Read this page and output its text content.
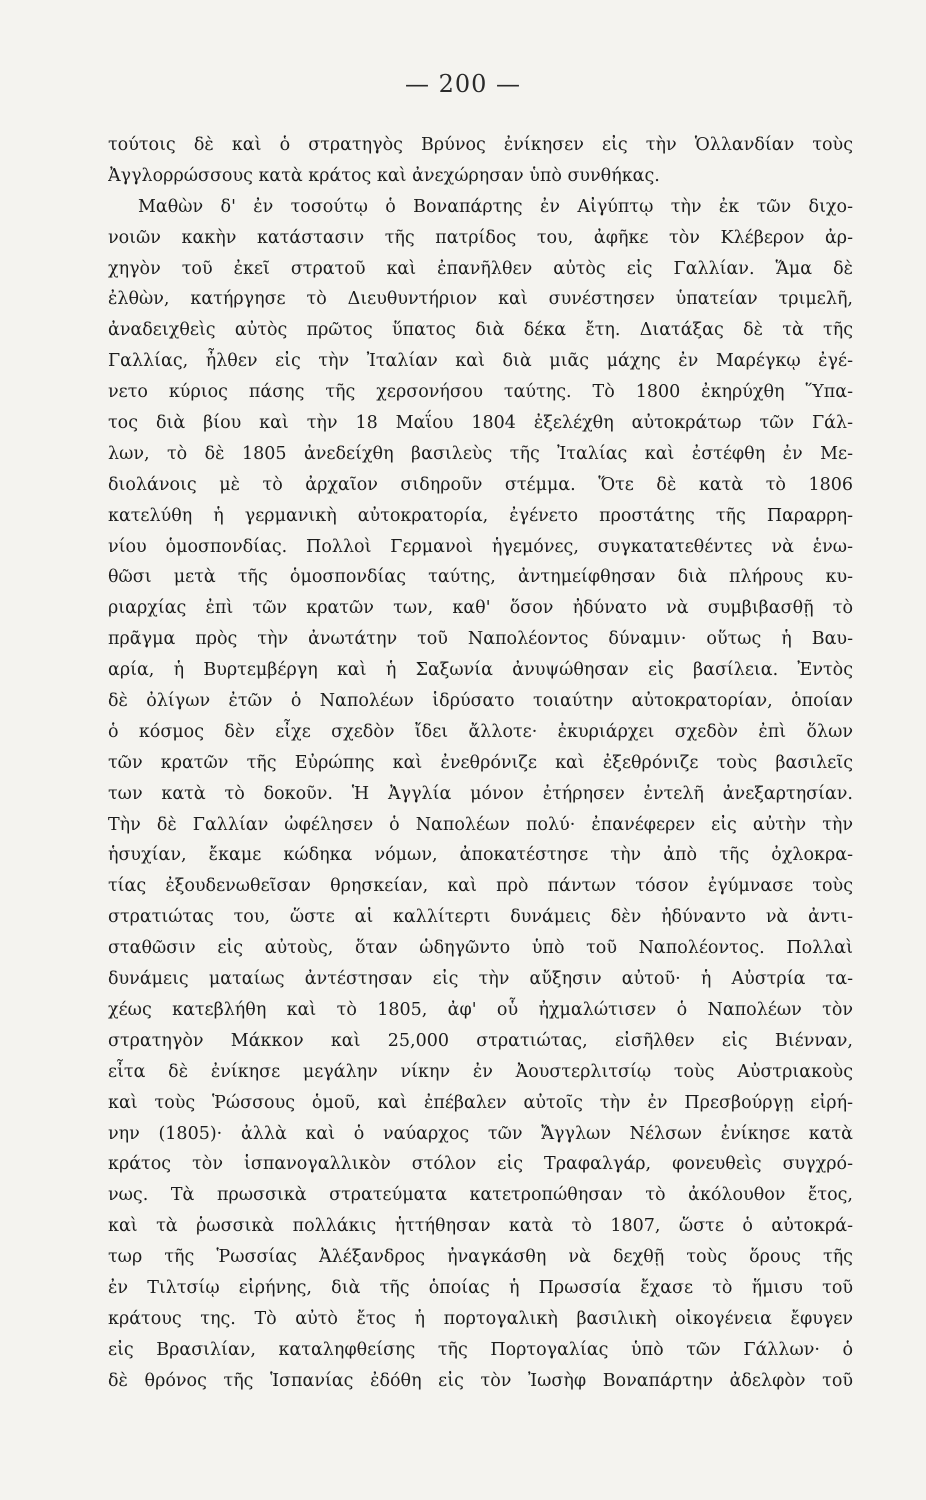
— 200 —
τούτοις δὲ καὶ ὁ στρατηγὸς Βρύνος ἐνίκησεν εἰς τὴν Ὁλλανδίαν τοὺς
Ἀγγλορρώσσους κατὰ κράτος καὶ ἀνεχώρησαν ὑπὸ συνθήκας.
Μαθὼν δ' ἐν τοσούτῳ ὁ Βοναπάρτης ἐν Αἰγύπτῳ τὴν ἐκ τῶν διχο-
νοιῶν κακὴν κατάστασιν τῆς πατρίδος του, ἀφῆκε τὸν Κλέβερον ἀρ-
χηγὸν τοῦ ἐκεῖ στρατοῦ καὶ ἐπανῆλθεν αὐτὸς εἰς Γαλλίαν. Ἅμα δὲ
ἐλθὼν, κατήργησε τὸ Διευθυντήριον καὶ συνέστησεν ὑπατείαν τριμελῆ,
ἀναδειχθεὶς αὐτὸς πρῶτος ὕπατος διὰ δέκα ἔτη. Διατάξας δὲ τὰ τῆς
Γαλλίας, ἦλθεν εἰς τὴν Ἰταλίαν καὶ διὰ μιᾶς μάχης ἐν Μαρέγκῳ ἐγέ-
νετο κύριος πάσης τῆς χερσονήσου ταύτης. Τὸ 1800 ἐκηρύχθη Ὕπα-
τος διὰ βίου καὶ τὴν 18 Μαΐου 1804 ἐξελέχθη αὐτοκράτωρ τῶν Γάλ-
λων, τὸ δὲ 1805 ἀνεδείχθη βασιλεὺς τῆς Ἰταλίας καὶ ἐστέφθη ἐν Με-
διολάνοις μὲ τὸ ἀρχαῖον σιδηροῦν στέμμα. Ὅτε δὲ κατὰ τὸ 1806
κατελύθη ἡ γερμανικὴ αὐτοκρατορία, ἐγένετο προστάτης τῆς Παραρρη-
νίου ὁμοσπονδίας. Πολλοὶ Γερμανοὶ ἡγεμόνες, συγκατατεθέντες νὰ ἑνω-
θῶσι μετὰ τῆς ὁμοσπονδίας ταύτης, ἀντημείφθησαν διὰ πλήρους κυ-
ριαρχίας ἐπὶ τῶν κρατῶν των, καθ' ὅσον ἠδύνατο νὰ συμβιβασθῇ τὸ
πρᾶγμα πρὸς τὴν ἀνωτάτην τοῦ Ναπολέοντος δύναμιν· οὕτως ἡ Βαυ-
αρία, ἡ Βυρτεμβέργη καὶ ἡ Σαξωνία ἀνυψώθησαν εἰς βασίλεια. Ἐντὸς
δὲ ὀλίγων ἐτῶν ὁ Ναπολέων ἱδρύσατο τοιαύτην αὐτοκρατορίαν, ὁποίαν
ὁ κόσμος δὲν εἶχε σχεδὸν ἴδει ἄλλοτε· ἐκυριάρχει σχεδὸν ἐπὶ ὅλων
τῶν κρατῶν τῆς Εὐρώπης καὶ ἐνεθρόνιζε καὶ ἐξεθρόνιζε τοὺς βασιλεῖς
των κατὰ τὸ δοκοῦν. Ἡ Ἀγγλία μόνον ἐτήρησεν ἐντελῆ ἀνεξαρτησίαν.
Τὴν δὲ Γαλλίαν ὠφέλησεν ὁ Ναπολέων πολύ· ἐπανέφερεν εἰς αὐτὴν τὴν
ἡσυχίαν, ἔκαμε κώδηκα νόμων, ἀποκατέστησε τὴν ἀπὸ τῆς ὀχλοκρα-
τίας ἐξουδενωθεῖσαν θρησκείαν, καὶ πρὸ πάντων τόσον ἐγύμνασε τοὺς
στρατιώτας του, ὥστε αἱ καλλίτερτι δυνάμεις δὲν ἠδύναντο νὰ ἀντι-
σταθῶσιν εἰς αὐτοὺς, ὅταν ὡδηγῶντο ὑπὸ τοῦ Ναπολέοντος. Πολλαὶ
δυνάμεις ματαίως ἀντέστησαν εἰς τὴν αὔξησιν αὐτοῦ· ἡ Αὐστρία τα-
χέως κατεβλήθη καὶ τὸ 1805, ἀφ' οὗ ἠχμαλώτισεν ὁ Ναπολέων τὸν
στρατηγὸν Μάκκον καὶ 25,000 στρατιώτας, εἰσῆλθεν εἰς Βιένναν,
εἶτα δὲ ἐνίκησε μεγάλην νίκην ἐν Ἀουστερλιτσίῳ τοὺς Αὐστριακοὺς
καὶ τοὺς Ῥώσσους ὁμοῦ, καὶ ἐπέβαλεν αὐτοῖς τὴν ἐν Πρεσβούργῃ εἰρή-
νην (1805)· ἀλλὰ καὶ ὁ ναύαρχος τῶν Ἄγγλων Νέλσων ἐνίκησε κατὰ
κράτος τὸν ἱσπανογαλλικὸν στόλον εἰς Τραφαλγάρ, φονευθεὶς συγχρό-
νως. Τὰ πρωσσικὰ στρατεύματα κατετροπώθησαν τὸ ἀκόλουθον ἔτος,
καὶ τὰ ῥωσσικὰ πολλάκις ἡττήθησαν κατὰ τὸ 1807, ὥστε ὁ αὐτοκρά-
τωρ τῆς Ῥωσσίας Ἀλέξανδρος ἠναγκάσθη νὰ δεχθῇ τοὺς ὅρους τῆς
ἐν Τιλτσίῳ εἰρήνης, διὰ τῆς ὁποίας ἡ Πρωσσία ἔχασε τὸ ἥμισυ τοῦ
κράτους της. Τὸ αὐτὸ ἔτος ἡ πορτογαλικὴ βασιλικὴ οἰκογένεια ἔφυγεν
εἰς Βρασιλίαν, καταληφθείσης τῆς Πορτογαλίας ὑπὸ τῶν Γάλλων· ὁ
δὲ θρόνος τῆς Ἱσπανίας ἐδόθη εἰς τὸν Ἰωσὴφ Βοναπάρτην ἀδελφὸν τοῦ
